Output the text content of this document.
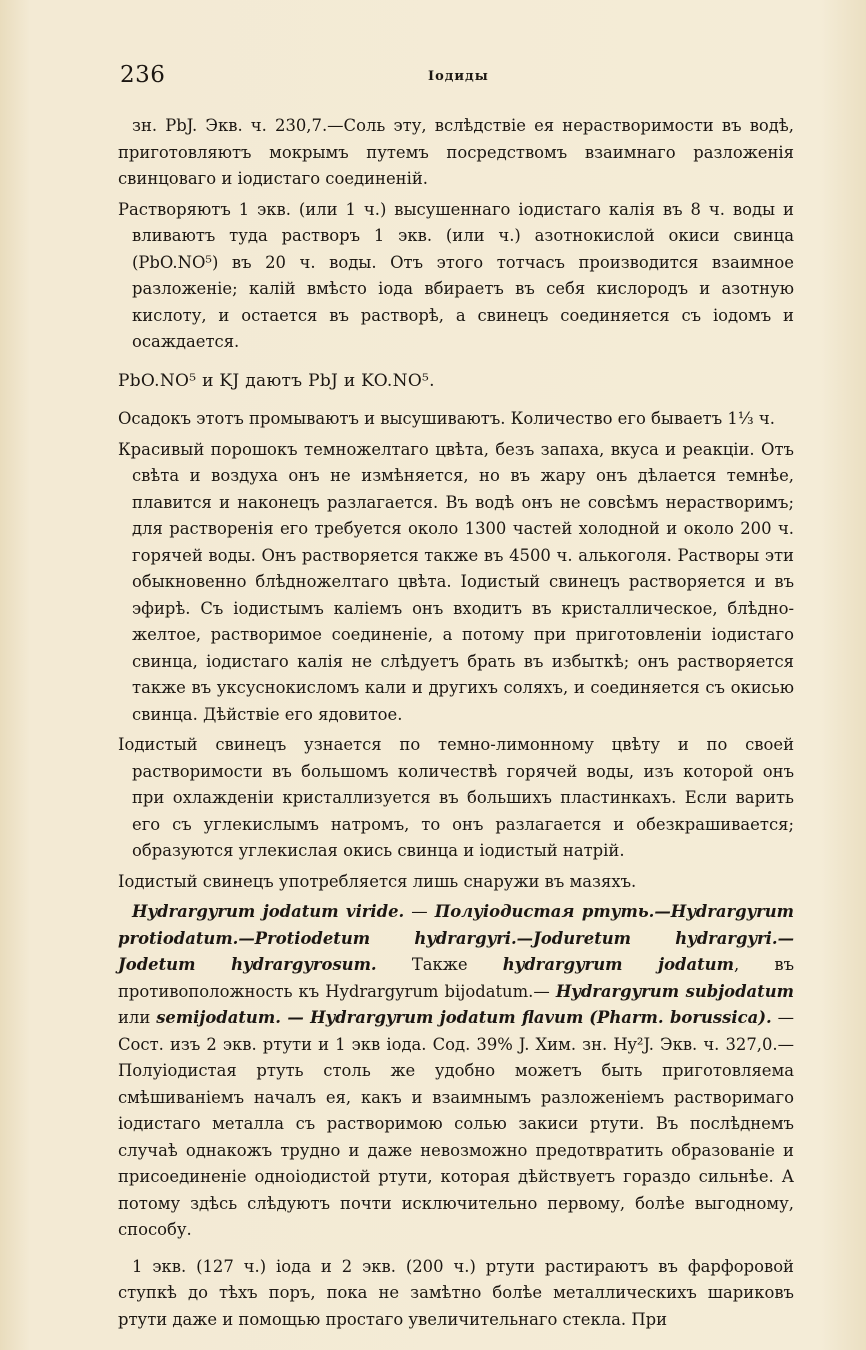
236	Іодиды

зн. PbJ. Экв. ч. 230,7.—Соль эту, вслѣдствіе ея нерастворимости въ водѣ, приготовляютъ мокрымъ путемъ посредствомъ взаимнаго разложенія свинцоваго и іодистаго соединеній.

Растворяютъ 1 экв. (или 1 ч.) высушеннаго іодистаго калія въ 8 ч. воды и вливаютъ туда растворъ 1 экв. (или ч.) азотнокислой окиси свинца (PbO.NO⁵) въ 20 ч. воды. Отъ этого тотчасъ производится взаимное разложеніе; калій вмѣсто іода вбираетъ въ себя кислородъ и азотную кислоту, и остается въ растворѣ, а свинецъ соединяется съ іодомъ и осаждается.

PbO.NO⁵ и KJ даютъ PbJ и KO.NO⁵.

Осадокъ этотъ промываютъ и высушиваютъ. Количество его бываетъ 1⅓ ч.

Красивый порошокъ темножелтаго цвѣта, безъ запаха, вкуса и реакціи. Отъ свѣта и воздуха онъ не измѣняется, но въ жару онъ дѣлается темнѣе, плавится и наконецъ разлагается. Въ водѣ онъ не совсѣмъ нерастворимъ; для растворенія его требуется около 1300 частей холодной и около 200 ч. горячей воды. Онъ растворяется также въ 4500 ч. алькоголя. Растворы эти обыкновенно блѣдножелтаго цвѣта. Іодистый свинецъ растворяется и въ эфирѣ. Съ іодистымъ каліемъ онъ входитъ въ кристаллическое, блѣдно-желтое, растворимое соединеніе, а потому при приготовленіи іодистаго свинца, іодистаго калія не слѣдуетъ брать въ избыткѣ; онъ растворяется также въ уксуснокисломъ кали и другихъ соляхъ, и соединяется съ окисью свинца. Дѣйствіе его ядовитое.

Іодистый свинецъ узнается по темно-лимонному цвѣту и по своей растворимости въ большомъ количествѣ горячей воды, изъ которой онъ при охлажденіи кристаллизуется въ большихъ пластинкахъ. Если варить его съ углекислымъ натромъ, то онъ разлагается и обезкрашивается; образуются углекислая окись свинца и іодистый натрій.

Іодистый свинецъ употребляется лишь снаружи въ мазяхъ.

Hydrargyrum jodatum viride. — Полуіодистая ртуть.—Hydrargyrum protiodatum.—Protiodetum hydrargyri.—Joduretum hydrargyri.—Jodetum hydrargyrosum. Также hydrargyrum jodatum, въ противоположность къ Hydrargyrum bijodatum.— Hydrargyrum subjodatum или semijodatum. — Hydrargyrum jodatum flavum (Pharm. borussica). — Сост. изъ 2 экв. ртути и 1 экв іода. Сод. 39% J. Хим. зн. Hy²J. Экв. ч. 327,0.—Полуіодистая ртуть столь же удобно можетъ быть приготовляема смѣшиваніемъ началъ ея, какъ и взаимнымъ разложеніемъ растворимаго іодистаго металла съ растворимою солью закиси ртути. Въ послѣднемъ случаѣ однакожъ трудно и даже невозможно предотвратить образованіе и присоединеніе одноіодистой ртути, которая дѣйствуетъ гораздо сильнѣе. А потому здѣсь слѣдуютъ почти исключительно первому, болѣе выгодному, способу.

1 экв. (127 ч.) іода и 2 экв. (200 ч.) ртути растираютъ въ фарфоровой ступкѣ до тѣхъ поръ, пока не замѣтно болѣе металлическихъ шариковъ ртути даже и помощью простаго увеличительнаго стекла. При
